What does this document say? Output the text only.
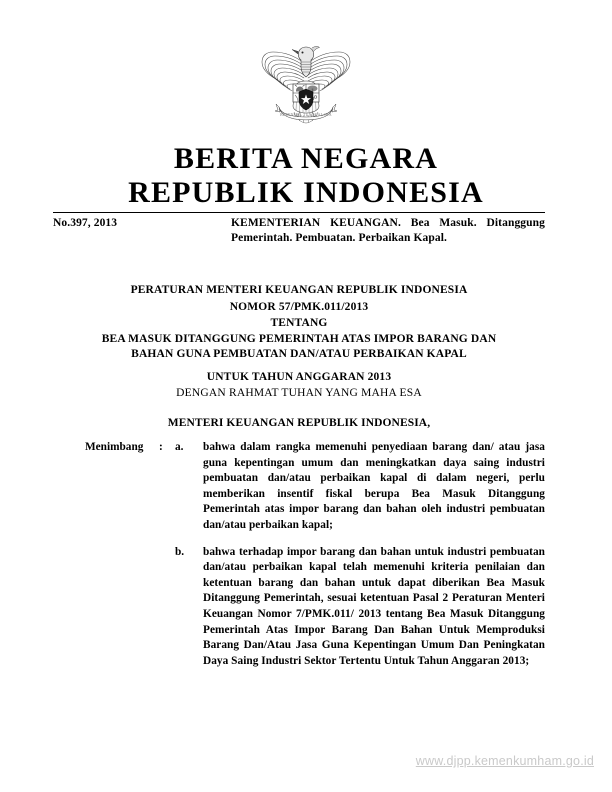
BHINNEKA TUNGGAL IKA
BERITA NEGARA
REPUBLIK INDONESIA
No.397, 2013	KEMENTERIAN KEUANGAN. Bea Masuk. Ditanggung Pemerintah. Pembuatan. Perbaikan Kapal.
PERATURAN MENTERI KEUANGAN REPUBLIK INDONESIA
NOMOR 57/PMK.011/2013
TENTANG
BEA MASUK DITANGGUNG PEMERINTAH ATAS IMPOR BARANG DAN
BAHAN GUNA PEMBUATAN DAN/ATAU PERBAIKAN KAPAL
UNTUK TAHUN ANGGARAN 2013
DENGAN RAHMAT TUHAN YANG MAHA ESA
MENTERI KEUANGAN REPUBLIK INDONESIA,
Menimbang	:	a.	bahwa dalam rangka memenuhi penyediaan barang dan/ atau jasa guna kepentingan umum dan meningkatkan daya saing industri pembuatan dan/atau perbaikan kapal di dalam negeri, perlu memberikan insentif fiskal berupa Bea Masuk Ditanggung Pemerintah atas impor barang dan bahan oleh industri pembuatan dan/atau perbaikan kapal;
b.	bahwa terhadap impor barang dan bahan untuk industri pembuatan dan/atau perbaikan kapal telah memenuhi kriteria penilaian dan ketentuan barang dan bahan untuk dapat diberikan Bea Masuk Ditanggung Pemerintah, sesuai ketentuan Pasal 2 Peraturan Menteri Keuangan Nomor 7/PMK.011/ 2013 tentang Bea Masuk Ditanggung Pemerintah Atas Impor Barang Dan Bahan Untuk Memproduksi Barang Dan/Atau Jasa Guna Kepentingan Umum Dan Peningkatan Daya Saing Industri Sektor Tertentu Untuk Tahun Anggaran 2013;
www.djpp.kemenkumham.go.id
